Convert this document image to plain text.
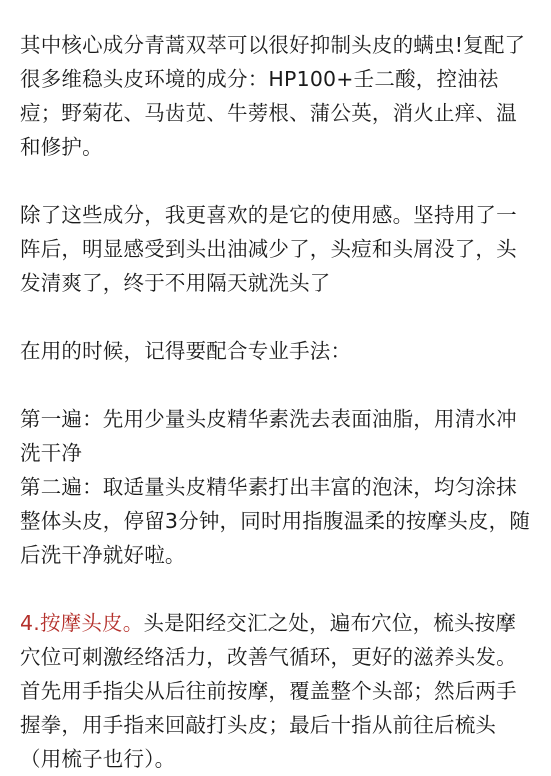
其中核心成分青蒿双萃可以很好抑制头皮的螨虫!复配了很多维稳头皮环境的成分：HP100+壬二酸，控油祛痘；野菊花、马齿苋、牛蒡根、蒲公英，消火止痒、温和修护。

除了这些成分，我更喜欢的是它的使用感。坚持用了一阵后，明显感受到头出油减少了，头痘和头屑没了，头发清爽了，终于不用隔天就洗头了

在用的时候，记得要配合专业手法：

第一遍：先用少量头皮精华素洗去表面油脂，用清水冲洗干净

第二遍：取适量头皮精华素打出丰富的泡沫，均匀涂抹整体头皮，停留3分钟，同时用指腹温柔的按摩头皮，随后洗干净就好啦。

4.按摩头皮。头是阳经交汇之处，遍布穴位，梳头按摩穴位可刺激经络活力，改善气循环，更好的滋养头发。首先用手指尖从后往前按摩，覆盖整个头部；然后两手握拳，用手指来回敲打头皮；最后十指从前往后梳头（用梳子也行）。
